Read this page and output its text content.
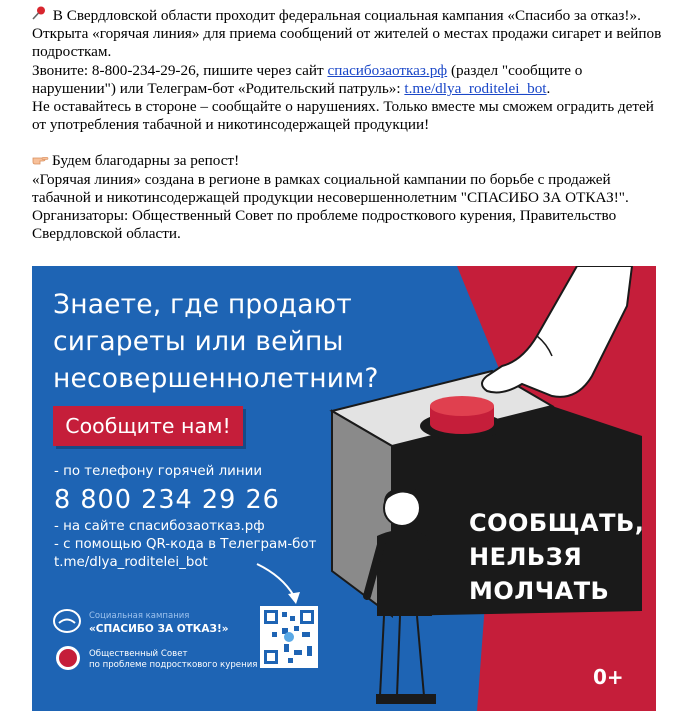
В Свердловской области проходит федеральная социальная кампания «Спасибо за отказ!». Открыта «горячая линия» для приема сообщений от жителей о местах продажи сигарет и вейпов подросткам.

Звоните: 8-800-234-29-26, пишите через сайт спасибозаотказ.рф (раздел "сообщите о нарушении") или Телеграм-бот «Родительский патруль»: t.me/dlya_roditelei_bot.

Не оставайтесь в стороне – сообщайте о нарушениях. Только вместе мы сможем оградить детей от употребления табачной и никотинсодержащей продукции!

Будем благодарны за репост!

«Горячая линия» создана в регионе в рамках социальной кампании по борьбе с продажей табачной и никотинсодержащей продукции несовершеннолетним "СПАСИБО ЗА ОТКАЗ!". Организаторы: Общественный Совет по проблеме подросткового курения, Правительство Свердловской области.

Знаете, где продают
сигареты или вейпы
несовершеннолетним?
Сообщите нам!
- по телефону горячей линии
8 800 234 29 26
- на сайте спасибозаотказ.рф
- с помощью QR-кода в Телеграм-бот
t.me/dlya_roditelei_bot
Социальная кампания
«СПАСИБО ЗА ОТКАЗ!»
Общественный Совет
по проблеме подросткового курения
СООБЩАТЬ,
НЕЛЬЗЯ
МОЛЧАТЬ
0+
